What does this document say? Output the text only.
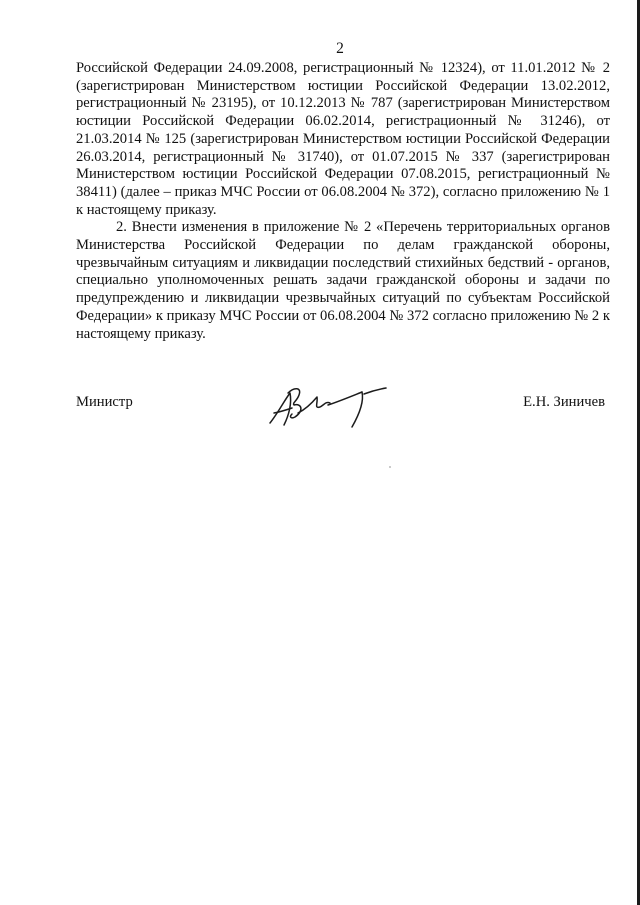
2

Российской Федерации 24.09.2008, регистрационный № 12324), от 11.01.2012 № 2 (зарегистрирован Министерством юстиции Российской Федерации 13.02.2012, регистрационный № 23195), от 10.12.2013 № 787 (зарегистрирован Министерством юстиции Российской Федерации 06.02.2014, регистрационный № 31246), от 21.03.2014 № 125 (зарегистрирован Министерством юстиции Российской Федерации 26.03.2014, регистрационный № 31740), от 01.07.2015 № 337 (зарегистрирован Министерством юстиции Российской Федерации 07.08.2015, регистрационный № 38411) (далее – приказ МЧС России от 06.08.2004 № 372), согласно приложению № 1 к настоящему приказу.

2. Внести изменения в приложение № 2 «Перечень территориальных органов Министерства Российской Федерации по делам гражданской обороны, чрезвычайным ситуациям и ликвидации последствий стихийных бедствий - органов, специально уполномоченных решать задачи гражданской обороны и задачи по предупреждению и ликвидации чрезвычайных ситуаций по субъектам Российской Федерации» к приказу МЧС России от 06.08.2004 № 372 согласно приложению № 2 к настоящему приказу.

Министр	Е.Н. Зиничев
